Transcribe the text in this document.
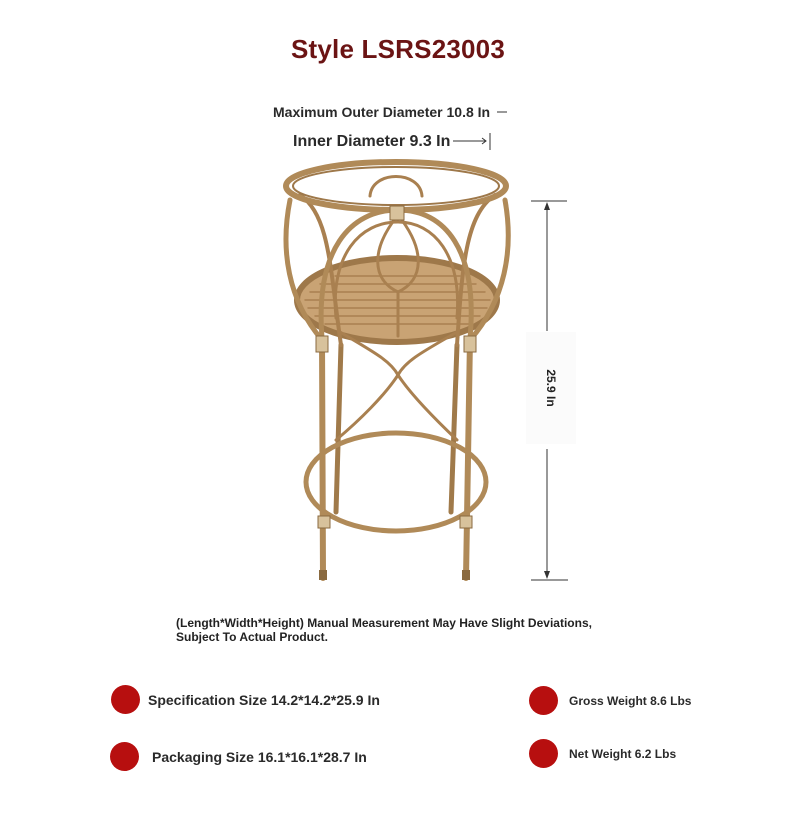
Style LSRS23003
Maximum Outer Diameter 10.8 In
Inner Diameter 9.3 In
25.9 In
(Length*Width*Height) Manual Measurement May Have Slight Deviations,
Subject To Actual Product.
Specification Size 14.2*14.2*25.9 In
Packaging Size 16.1*16.1*28.7 In
Gross Weight 8.6 Lbs
Net Weight 6.2 Lbs
